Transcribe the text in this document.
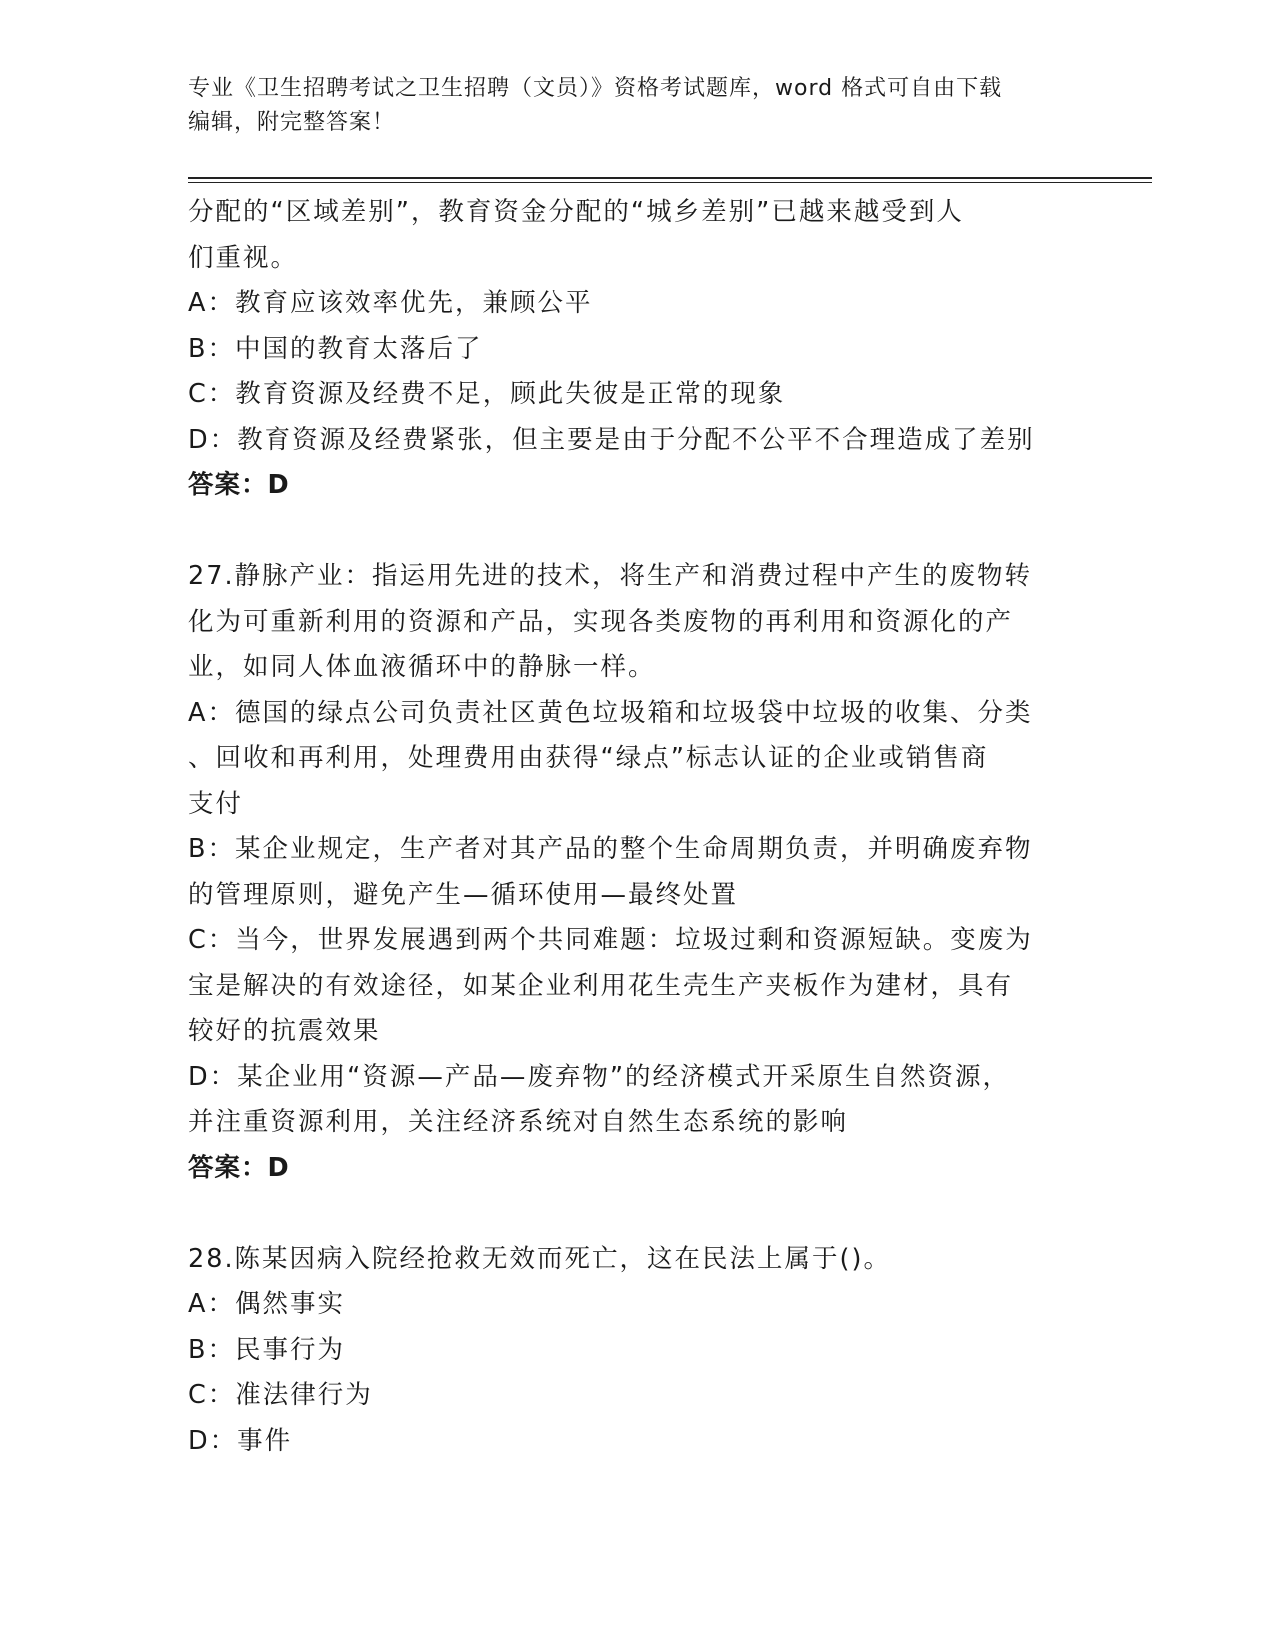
专业《卫生招聘考试之卫生招聘（文员）》资格考试题库，word 格式可自由下载
编辑，附完整答案！
分配的“区域差别”，教育资金分配的“城乡差别”已越来越受到人
们重视。
A：教育应该效率优先，兼顾公平
B：中国的教育太落后了
C：教育资源及经费不足，顾此失彼是正常的现象
D：教育资源及经费紧张，但主要是由于分配不公平不合理造成了差别
答案：D
27.静脉产业：指运用先进的技术，将生产和消费过程中产生的废物转
化为可重新利用的资源和产品，实现各类废物的再利用和资源化的产
业，如同人体血液循环中的静脉一样。
A：德国的绿点公司负责社区黄色垃圾箱和垃圾袋中垃圾的收集、分类
、回收和再利用，处理费用由获得“绿点”标志认证的企业或销售商
支付
B：某企业规定，生产者对其产品的整个生命周期负责，并明确废弃物
的管理原则，避免产生—循环使用—最终处置
C：当今，世界发展遇到两个共同难题：垃圾过剩和资源短缺。变废为
宝是解决的有效途径，如某企业利用花生壳生产夹板作为建材，具有
较好的抗震效果
D：某企业用“资源—产品—废弃物”的经济模式开采原生自然资源，
并注重资源利用，关注经济系统对自然生态系统的影响
答案：D
28.陈某因病入院经抢救无效而死亡，这在民法上属于()。
A：偶然事实
B：民事行为
C：准法律行为
D：事件
